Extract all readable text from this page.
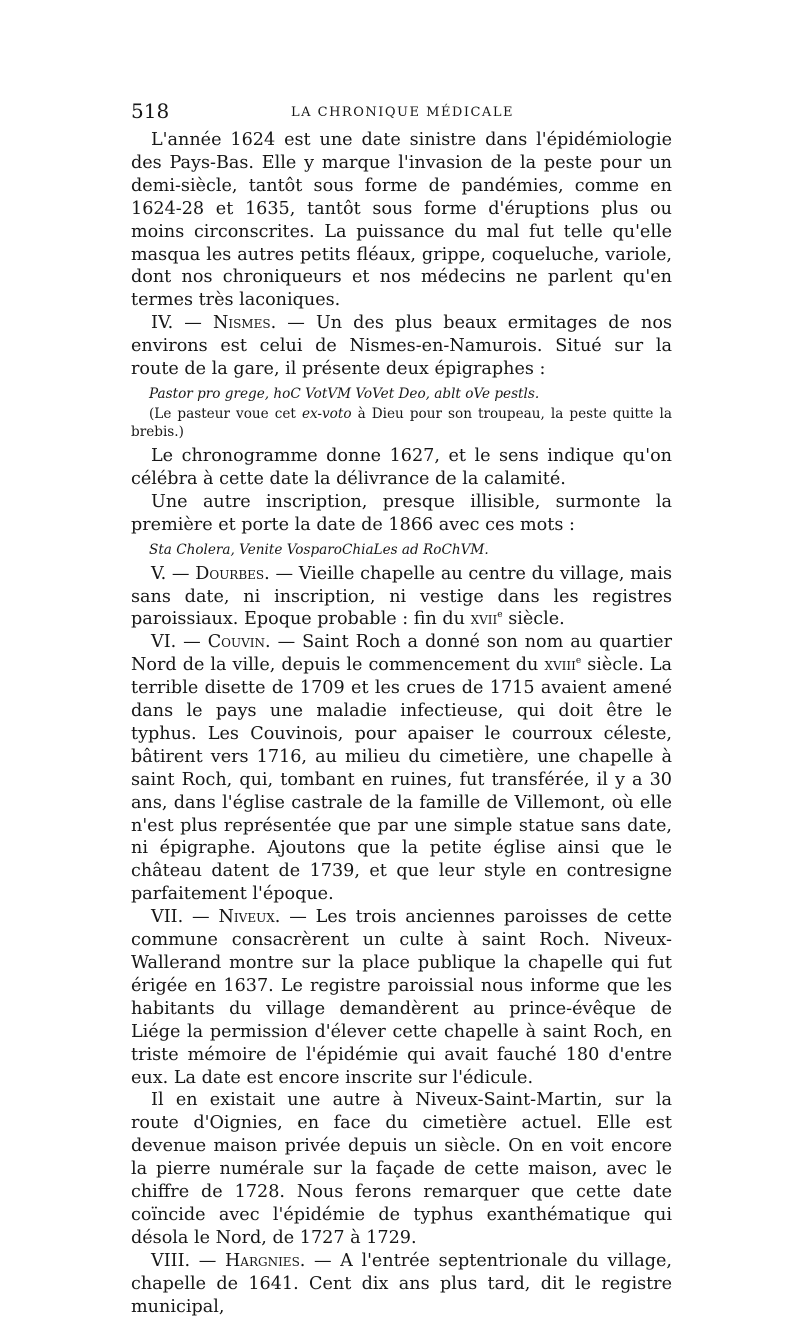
518	LA CHRONIQUE MÉDICALE

L'année 1624 est une date sinistre dans l'épidémiologie des Pays-Bas. Elle y marque l'invasion de la peste pour un demi-siècle, tantôt sous forme de pandémies, comme en 1624-28 et 1635, tantôt sous forme d'éruptions plus ou moins circonscrites. La puissance du mal fut telle qu'elle masqua les autres petits fléaux, grippe, coqueluche, variole, dont nos chroniqueurs et nos médecins ne parlent qu'en termes très laconiques.

IV. — Nismes. — Un des plus beaux ermitages de nos environs est celui de Nismes-en-Namurois. Situé sur la route de la gare, il présente deux épigraphes :

Pastor pro grege, hoC VotVM VoVet Deo, ablt oVe pestls.
(Le pasteur voue cet ex-voto à Dieu pour son troupeau, la peste quitte la brebis.)

Le chronogramme donne 1627, et le sens indique qu'on célébra à cette date la délivrance de la calamité.

Une autre inscription, presque illisible, surmonte la première et porte la date de 1866 avec ces mots :

Sta Cholera, Venite VosparoChiaLes ad RoChVM.

V. — Dourbes. — Vieille chapelle au centre du village, mais sans date, ni inscription, ni vestige dans les registres paroissiaux. Epoque probable : fin du xvii$^e$ siècle.

VI. — Couvin. — Saint Roch a donné son nom au quartier Nord de la ville, depuis le commencement du xviii$^e$ siècle. La terrible disette de 1709 et les crues de 1715 avaient amené dans le pays une maladie infectieuse, qui doit être le typhus. Les Couvinois, pour apaiser le courroux céleste, bâtirent vers 1716, au milieu du cimetière, une chapelle à saint Roch, qui, tombant en ruines, fut transférée, il y a 30 ans, dans l'église castrale de la famille de Villemont, où elle n'est plus représentée que par une simple statue sans date, ni épigraphe. Ajoutons que la petite église ainsi que le château datent de 1739, et que leur style en contresigne parfaitement l'époque.

VII. — Niveux. — Les trois anciennes paroisses de cette commune consacrèrent un culte à saint Roch. Niveux-Wallerand montre sur la place publique la chapelle qui fut érigée en 1637. Le registre paroissial nous informe que les habitants du village demandèrent au prince-évêque de Liége la permission d'élever cette chapelle à saint Roch, en triste mémoire de l'épidémie qui avait fauché 180 d'entre eux. La date est encore inscrite sur l'édicule.

Il en existait une autre à Niveux-Saint-Martin, sur la route d'Oignies, en face du cimetière actuel. Elle est devenue maison privée depuis un siècle. On en voit encore la pierre numérale sur la façade de cette maison, avec le chiffre de 1728. Nous ferons remarquer que cette date coïncide avec l'épidémie de typhus exanthématique qui désola le Nord, de 1727 à 1729.

VIII. — Hargnies. — A l'entrée septentrionale du village, chapelle de 1641. Cent dix ans plus tard, dit le registre municipal,
